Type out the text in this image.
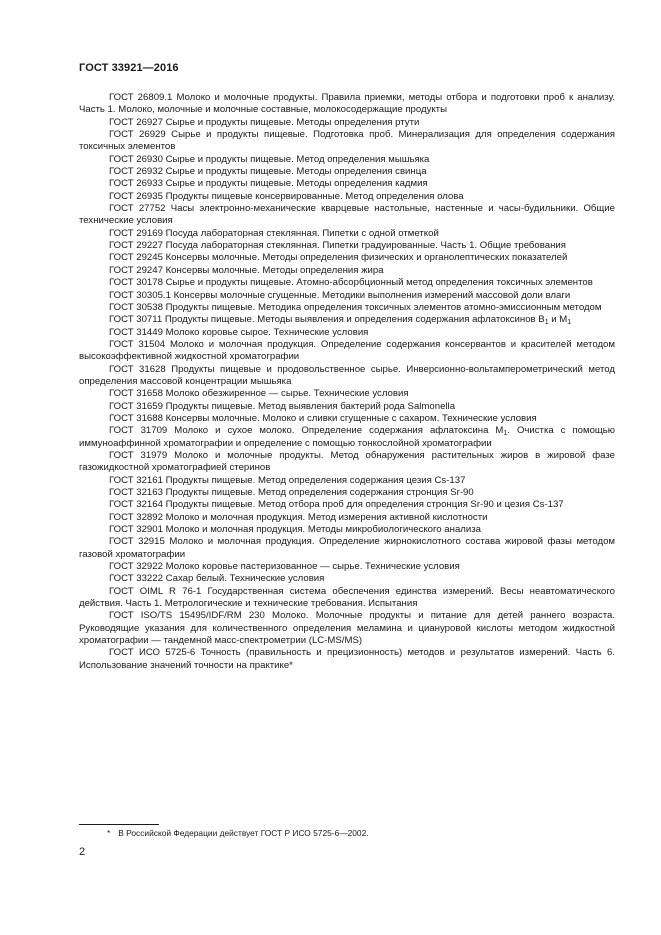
ГОСТ 33921—2016

ГОСТ 26809.1 Молоко и молочные продукты. Правила приемки, методы отбора и подготовки проб к анализу. Часть 1. Молоко, молочные и молочные составные, молокосодержащие продукты

ГОСТ 26927 Сырье и продукты пищевые. Методы определения ртути

ГОСТ 26929 Сырье и продукты пищевые. Подготовка проб. Минерализация для определения содержания токсичных элементов

ГОСТ 26930 Сырье и продукты пищевые. Метод определения мышьяка

ГОСТ 26932 Сырье и продукты пищевые. Методы определения свинца

ГОСТ 26933 Сырье и продукты пищевые. Методы определения кадмия

ГОСТ 26935 Продукты пищевые консервированные. Метод определения олова

ГОСТ 27752 Часы электронно-механические кварцевые настольные, настенные и часы-будильники. Общие технические условия

ГОСТ 29169 Посуда лабораторная стеклянная. Пипетки с одной отметкой

ГОСТ 29227 Посуда лабораторная стеклянная. Пипетки градуированные. Часть 1. Общие требования

ГОСТ 29245 Консервы молочные. Методы определения физических и органолептических показателей

ГОСТ 29247 Консервы молочные. Методы определения жира

ГОСТ 30178 Сырье и продукты пищевые. Атомно-абсорбционный метод определения токсичных элементов

ГОСТ 30305.1 Консервы молочные сгущенные. Методики выполнения измерений массовой доли влаги

ГОСТ 30538 Продукты пищевые. Методика определения токсичных элементов атомно-эмиссионным методом

ГОСТ 30711 Продукты пищевые. Методы выявления и определения содержания афлатоксинов $B_1$ и $M_1$

ГОСТ 31449 Молоко коровье сырое. Технические условия

ГОСТ 31504 Молоко и молочная продукция. Определение содержания консервантов и красителей методом высокоэффективной жидкостной хроматографии

ГОСТ 31628 Продукты пищевые и продовольственное сырье. Инверсионно-вольтамперометрический метод определения массовой концентрации мышьяка

ГОСТ 31658 Молоко обезжиренное — сырье. Технические условия

ГОСТ 31659 Продукты пищевые. Метод выявления бактерий рода Salmonella

ГОСТ 31688 Консервы молочные. Молоко и сливки сгущенные с сахаром. Технические условия

ГОСТ 31709 Молоко и сухое молоко. Определение содержания афлатоксина $M_1$. Очистка с помощью иммуноаффинной хроматографии и определение с помощью тонкослойной хроматографии

ГОСТ 31979 Молоко и молочные продукты. Метод обнаружения растительных жиров в жировой фазе газожидкостной хроматографией стеринов

ГОСТ 32161 Продукты пищевые. Метод определения содержания цезия Cs-137

ГОСТ 32163 Продукты пищевые. Метод определения содержания стронция Sr-90

ГОСТ 32164 Продукты пищевые. Метод отбора проб для определения стронция Sr-90 и цезия Cs-137

ГОСТ 32892 Молоко и молочная продукция. Метод измерения активной кислотности

ГОСТ 32901 Молоко и молочная продукция. Методы микробиологического анализа

ГОСТ 32915 Молоко и молочная продукция. Определение жирнокислотного состава жировой фазы методом газовой хроматографии

ГОСТ 32922 Молоко коровье пастеризованное — сырье. Технические условия

ГОСТ 33222 Сахар белый. Технические условия

ГОСТ OIML R 76-1 Государственная система обеспечения единства измерений. Весы неавтоматического действия. Часть 1. Метрологические и технические требования. Испытания

ГОСТ ISO/TS 15495/IDF/RM 230 Молоко. Молочные продукты и питание для детей раннего возраста. Руководящие указания для количественного определения меламина и циануровой кислоты методом жидкостной хроматографии — тандемной масс-спектрометрии (LC-MS/MS)

ГОСТ ИСО 5725-6 Точность (правильность и прецизионность) методов и результатов измерений. Часть 6. Использование значений точности на практике*

* В Российской Федерации действует ГОСТ Р ИСО 5725-6—2002.
2
